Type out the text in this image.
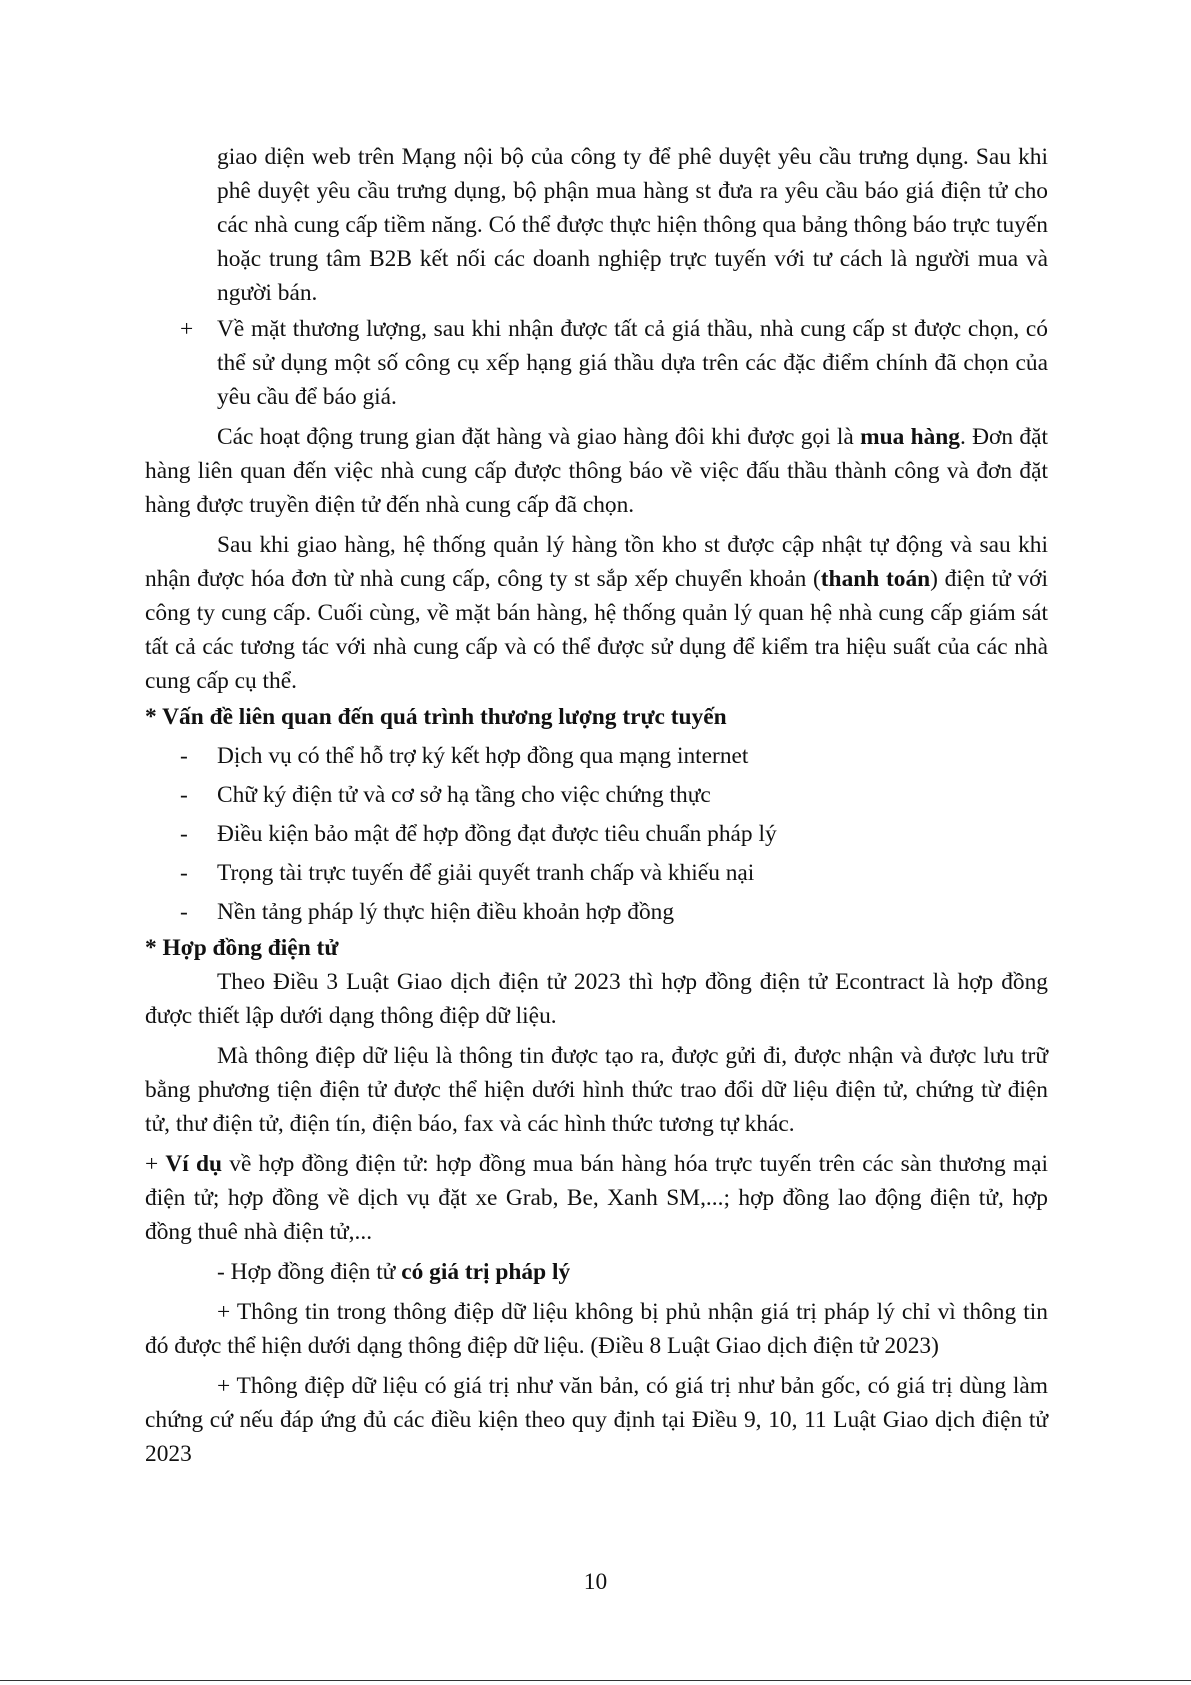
giao diện web trên Mạng nội bộ của công ty để phê duyệt yêu cầu trưng dụng. Sau khi phê duyệt yêu cầu trưng dụng, bộ phận mua hàng st đưa ra yêu cầu báo giá điện tử cho các nhà cung cấp tiềm năng. Có thể được thực hiện thông qua bảng thông báo trực tuyến hoặc trung tâm B2B kết nối các doanh nghiệp trực tuyến với tư cách là người mua và người bán.

+ Về mặt thương lượng, sau khi nhận được tất cả giá thầu, nhà cung cấp st được chọn, có thể sử dụng một số công cụ xếp hạng giá thầu dựa trên các đặc điểm chính đã chọn của yêu cầu để báo giá.

Các hoạt động trung gian đặt hàng và giao hàng đôi khi được gọi là mua hàng. Đơn đặt hàng liên quan đến việc nhà cung cấp được thông báo về việc đấu thầu thành công và đơn đặt hàng được truyền điện tử đến nhà cung cấp đã chọn.

Sau khi giao hàng, hệ thống quản lý hàng tồn kho st được cập nhật tự động và sau khi nhận được hóa đơn từ nhà cung cấp, công ty st sắp xếp chuyển khoản (thanh toán) điện tử với công ty cung cấp. Cuối cùng, về mặt bán hàng, hệ thống quản lý quan hệ nhà cung cấp giám sát tất cả các tương tác với nhà cung cấp và có thể được sử dụng để kiểm tra hiệu suất của các nhà cung cấp cụ thể.

* Vấn đề liên quan đến quá trình thương lượng trực tuyến

- Dịch vụ có thể hỗ trợ ký kết hợp đồng qua mạng internet

- Chữ ký điện tử và cơ sở hạ tầng cho việc chứng thực

- Điều kiện bảo mật để hợp đồng đạt được tiêu chuẩn pháp lý

- Trọng tài trực tuyến để giải quyết tranh chấp và khiếu nại

- Nền tảng pháp lý thực hiện điều khoản hợp đồng

* Hợp đồng điện tử

Theo Điều 3 Luật Giao dịch điện tử 2023 thì hợp đồng điện tử Econtract là hợp đồng được thiết lập dưới dạng thông điệp dữ liệu.

Mà thông điệp dữ liệu là thông tin được tạo ra, được gửi đi, được nhận và được lưu trữ bằng phương tiện điện tử được thể hiện dưới hình thức trao đổi dữ liệu điện tử, chứng từ điện tử, thư điện tử, điện tín, điện báo, fax và các hình thức tương tự khác.

+ Ví dụ về hợp đồng điện tử: hợp đồng mua bán hàng hóa trực tuyến trên các sàn thương mại điện tử; hợp đồng về dịch vụ đặt xe Grab, Be, Xanh SM,...; hợp đồng lao động điện tử, hợp đồng thuê nhà điện tử,...

- Hợp đồng điện tử có giá trị pháp lý

+ Thông tin trong thông điệp dữ liệu không bị phủ nhận giá trị pháp lý chỉ vì thông tin đó được thể hiện dưới dạng thông điệp dữ liệu. (Điều 8 Luật Giao dịch điện tử 2023)

+ Thông điệp dữ liệu có giá trị như văn bản, có giá trị như bản gốc, có giá trị dùng làm chứng cứ nếu đáp ứng đủ các điều kiện theo quy định tại Điều 9, 10, 11 Luật Giao dịch điện tử 2023

10
